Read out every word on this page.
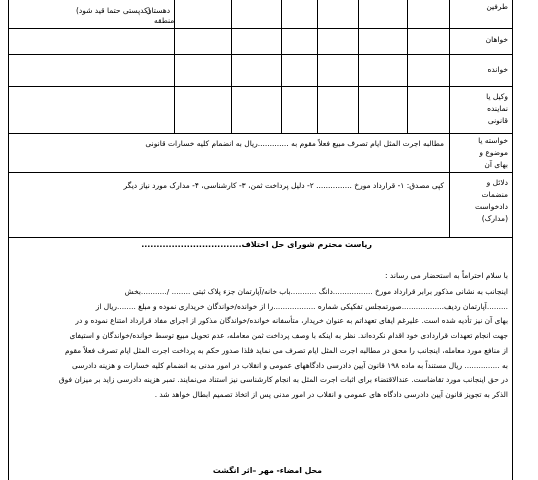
طرفین
خواهان
خوانده
وکیل یا
نماینده
قانونی
خواسته یا
موضوع و
بهای آن
دلائل و
منضمات
دادخواست
(مدارک)
دهستان
منطقه
(کدپستی حتما قید شود)
مطالبه اجرت المثل ایام تصرف مبیع فعلاً مقوم به .............ریال به انضمام کلیه خسارات قانونی
کپی مصدق: ۱- قرارداد مورخ ............... ۲- دلیل پرداخت ثمن، ۳- کارشناسی، ۴- مدارک مورد نیاز دیگر
ریاست محترم شورای حل اختلاف.................................
با سلام احتراماً به استحضار می رساند :

اینجانب به نشانی مذکور برابر قرارداد مورخ .................دانگ ...........باب خانه/آپارتمان جزء پلاک ثبتی ........ /...........بخش

.........آپارتمان ردیف..................صورتمجلس تفکیکی شماره ..................را از خوانده/خواندگان خریداری نموده و مبلغ ........ریال از

بهای آن نیز تأدیه شده است. علیرغم ایفای تعهداتم به عنوان خریدار، متأسفانه خوانده/خواندگان مذکور از اجرای مفاد قرارداد امتناع نموده و در

جهت انجام تعهدات قراردادی خود اقدام نکرده‌اند. نظر به اینکه با وصف پرداخت ثمن معامله، عدم تحویل مبیع توسط خوانده/خواندگان و استیفای

از منافع مورد معامله، اینجانب را محق در مطالبه اجرت المثل ایام تصرف می نماید فلذا صدور حکم به پرداخت اجرت المثل ایام تصرف فعلاً مقوم

به ............... ریال مستنداً به ماده ۱۹۸ قانون آیین دادرسی دادگاههای عمومی و انقلاب در امور مدنی به انضمام کلیه خسارات و هزینه دادرسی

در حق اینجانب مورد تقاضاست. عندالاقتضاء برای اثبات اجرت المثل به انجام کارشناسی نیز استناد می‌نمایند. تمبر هزینه دادرسی زاید بر میزان فوق

الذکر به تجویز قانون آیین دادرسی دادگاه های عمومی و انقلاب در امور مدنی پس از اتخاذ تصمیم ابطال خواهد شد .

محل امضاء- مهر –اثر انگشت
